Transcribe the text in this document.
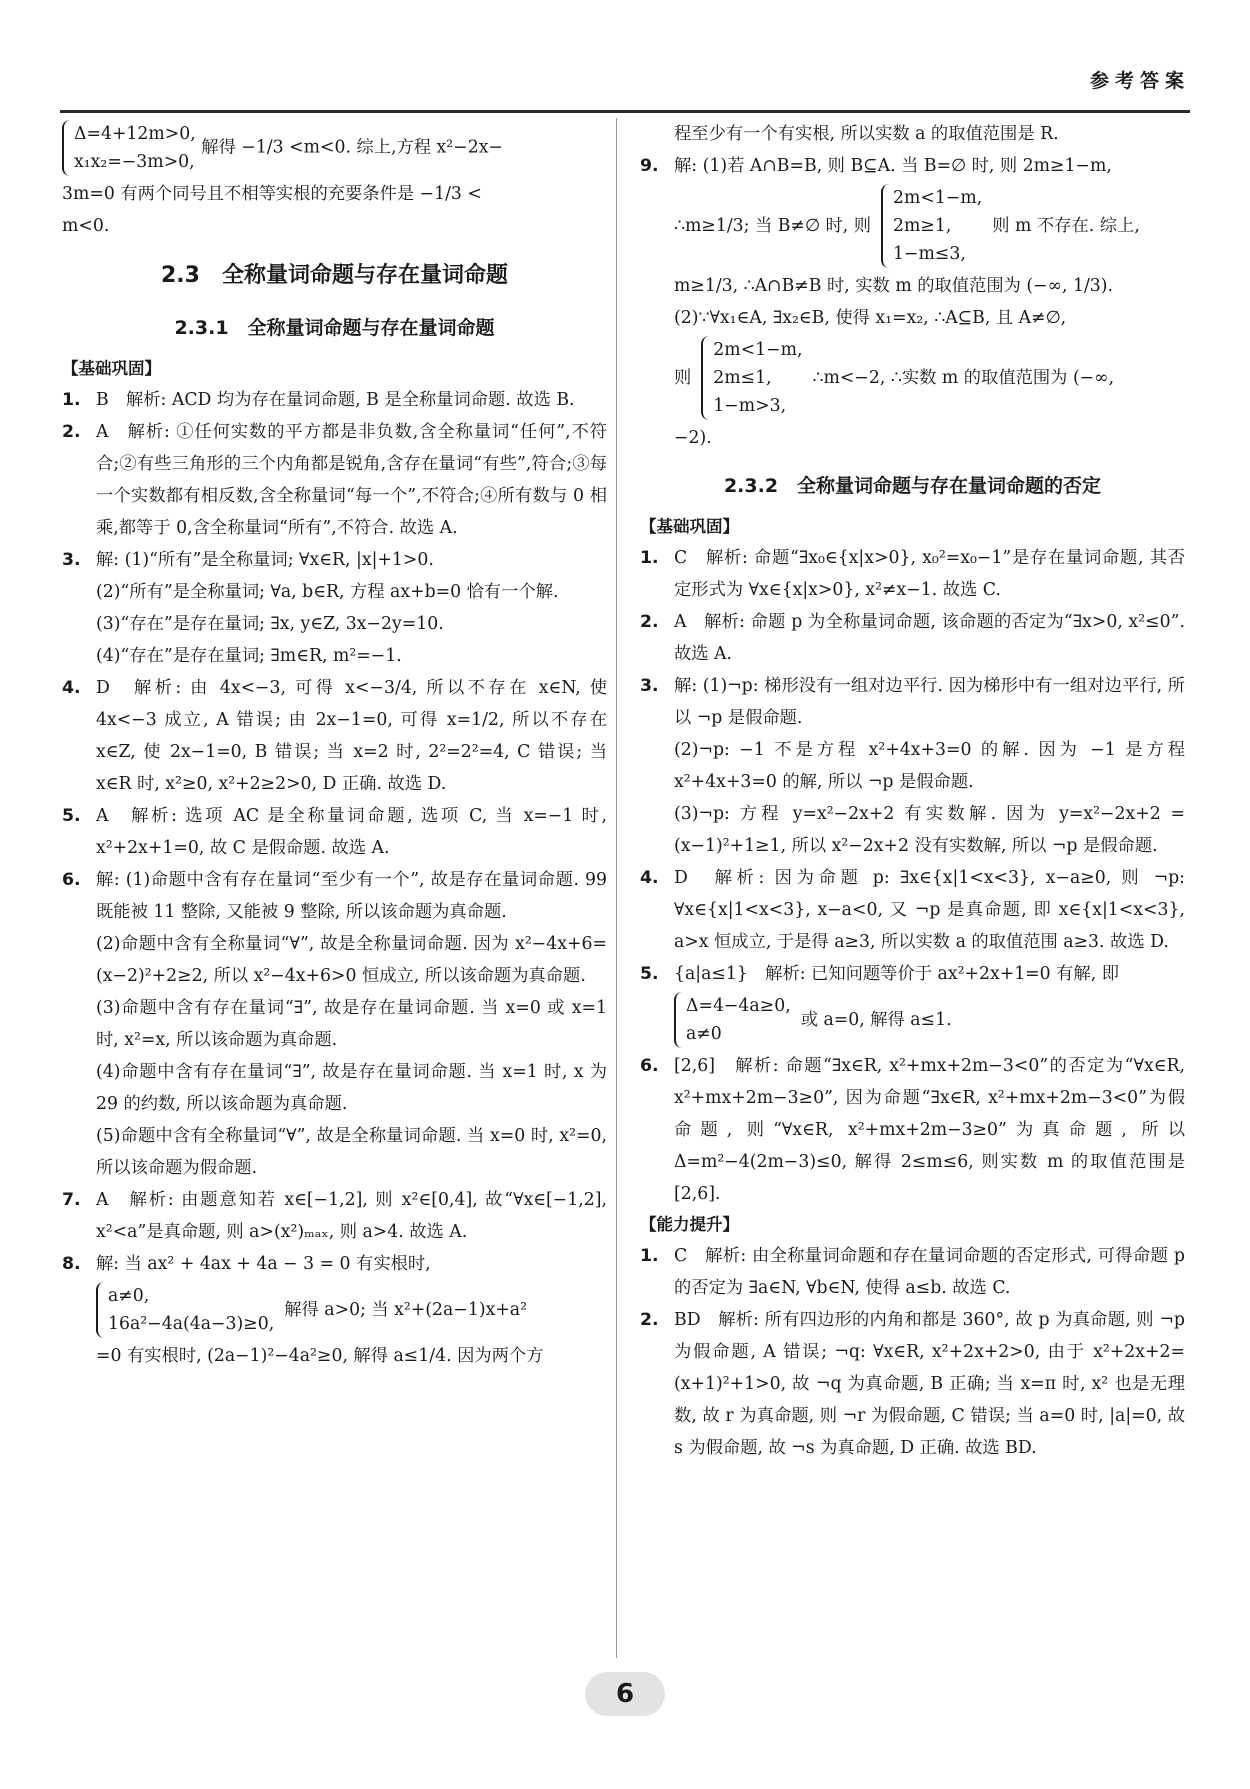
参考答案
Δ=4+12m>0,
x₁x₂=−3m>0,
解得 −1/3 <m<0. 综上,方程 x²−2x−
3m=0 有两个同号且不相等实根的充要条件是 −1/3 <
m<0.
2.3　全称量词命题与存在量词命题
2.3.1　全称量词命题与存在量词命题
【基础巩固】
1. B　解析: ACD 均为存在量词命题, B 是全称量词命题. 故选 B.
2. A　解析: ①任何实数的平方都是非负数,含全称量词“任何”,不符合;②有些三角形的三个内角都是锐角,含存在量词“有些”,符合;③每一个实数都有相反数,含全称量词“每一个”,不符合;④所有数与 0 相乘,都等于 0,含全称量词“所有”,不符合. 故选 A.
3. 解: (1)“所有”是全称量词; ∀x∈R, |x|+1>0.
(2)“所有”是全称量词; ∀a, b∈R, 方程 ax+b=0 恰有一个解.
(3)“存在”是存在量词; ∃x, y∈Z, 3x−2y=10.
(4)“存在”是存在量词; ∃m∈R, m²=−1.
4. D　解析: 由 4x<−3, 可得 x<−3/4, 所以不存在 x∈N, 使 4x<−3 成立, A 错误; 由 2x−1=0, 可得 x=1/2, 所以不存在 x∈Z, 使 2x−1=0, B 错误; 当 x=2 时, 2²=2²=4, C 错误; 当 x∈R 时, x²≥0, x²+2≥2>0, D 正确. 故选 D.
5. A　解析: 选项 AC 是全称量词命题, 选项 C, 当 x=−1 时, x²+2x+1=0, 故 C 是假命题. 故选 A.
6. 解: (1)命题中含有存在量词“至少有一个”, 故是存在量词命题. 99 既能被 11 整除, 又能被 9 整除, 所以该命题为真命题.
(2)命题中含有全称量词“∀”, 故是全称量词命题. 因为 x²−4x+6=(x−2)²+2≥2, 所以 x²−4x+6>0 恒成立, 所以该命题为真命题.
(3)命题中含有存在量词“∃”, 故是存在量词命题. 当 x=0 或 x=1 时, x²=x, 所以该命题为真命题.
(4)命题中含有存在量词“∃”, 故是存在量词命题. 当 x=1 时, x 为 29 的约数, 所以该命题为真命题.
(5)命题中含有全称量词“∀”, 故是全称量词命题. 当 x=0 时, x²=0, 所以该命题为假命题.
7. A　解析: 由题意知若 x∈[−1,2], 则 x²∈[0,4], 故“∀x∈[−1,2], x²<a”是真命题, 则 a>(x²)ₘₐₓ, 则 a>4. 故选 A.
8. 解: 当 ax² + 4ax + 4a − 3 = 0 有实根时,
a≠0,
16a²−4a(4a−3)≥0,
解得 a>0; 当 x²+(2a−1)x+a²
=0 有实根时, (2a−1)²−4a²≥0, 解得 a≤1/4. 因为两个方
程至少有一个有实根, 所以实数 a 的取值范围是 R.
9. 解: (1)若 A∩B=B, 则 B⊆A. 当 B=∅ 时, 则 2m≥1−m,
∴m≥1/3; 当 B≠∅ 时, 则
2m<1−m,
2m≥1,
1−m≤3,
则 m 不存在. 综上,
m≥1/3, ∴A∩B≠B 时, 实数 m 的取值范围为 (−∞, 1/3).
(2)∵∀x₁∈A, ∃x₂∈B, 使得 x₁=x₂, ∴A⊆B, 且 A≠∅,
则
2m<1−m,
2m≤1,
1−m>3,
∴m<−2, ∴实数 m 的取值范围为 (−∞,
−2).
2.3.2　全称量词命题与存在量词命题的否定
【基础巩固】
1. C　解析: 命题“∃x₀∈{x|x>0}, x₀²=x₀−1”是存在量词命题, 其否定形式为 ∀x∈{x|x>0}, x²≠x−1. 故选 C.
2. A　解析: 命题 p 为全称量词命题, 该命题的否定为“∃x>0, x²≤0”. 故选 A.
3. 解: (1)¬p: 梯形没有一组对边平行. 因为梯形中有一组对边平行, 所以 ¬p 是假命题.
(2)¬p: −1 不是方程 x²+4x+3=0 的解. 因为 −1 是方程 x²+4x+3=0 的解, 所以 ¬p 是假命题.
(3)¬p: 方程 y=x²−2x+2 有实数解. 因为 y=x²−2x+2 =(x−1)²+1≥1, 所以 x²−2x+2 没有实数解, 所以 ¬p 是假命题.
4. D　解析: 因为命题 p: ∃x∈{x|1<x<3}, x−a≥0, 则 ¬p: ∀x∈{x|1<x<3}, x−a<0, 又 ¬p 是真命题, 即 x∈{x|1<x<3}, a>x 恒成立, 于是得 a≥3, 所以实数 a 的取值范围 a≥3. 故选 D.
5. {a|a≤1}　解析: 已知问题等价于 ax²+2x+1=0 有解, 即
Δ=4−4a≥0,
a≠0
或 a=0, 解得 a≤1.
6. [2,6]　解析: 命题“∃x∈R, x²+mx+2m−3<0”的否定为“∀x∈R, x²+mx+2m−3≥0”, 因为命题“∃x∈R, x²+mx+2m−3<0”为假命题, 则“∀x∈R, x²+mx+2m−3≥0”为真命题, 所以 Δ=m²−4(2m−3)≤0, 解得 2≤m≤6, 则实数 m 的取值范围是[2,6].
【能力提升】
1. C　解析: 由全称量词命题和存在量词命题的否定形式, 可得命题 p 的否定为 ∃a∈N, ∀b∈N, 使得 a≤b. 故选 C.
2. BD　解析: 所有四边形的内角和都是 360°, 故 p 为真命题, 则 ¬p 为假命题, A 错误; ¬q: ∀x∈R, x²+2x+2>0, 由于 x²+2x+2=(x+1)²+1>0, 故 ¬q 为真命题, B 正确; 当 x=π 时, x² 也是无理数, 故 r 为真命题, 则 ¬r 为假命题, C 错误; 当 a=0 时, |a|=0, 故 s 为假命题, 故 ¬s 为真命题, D 正确. 故选 BD.
6
